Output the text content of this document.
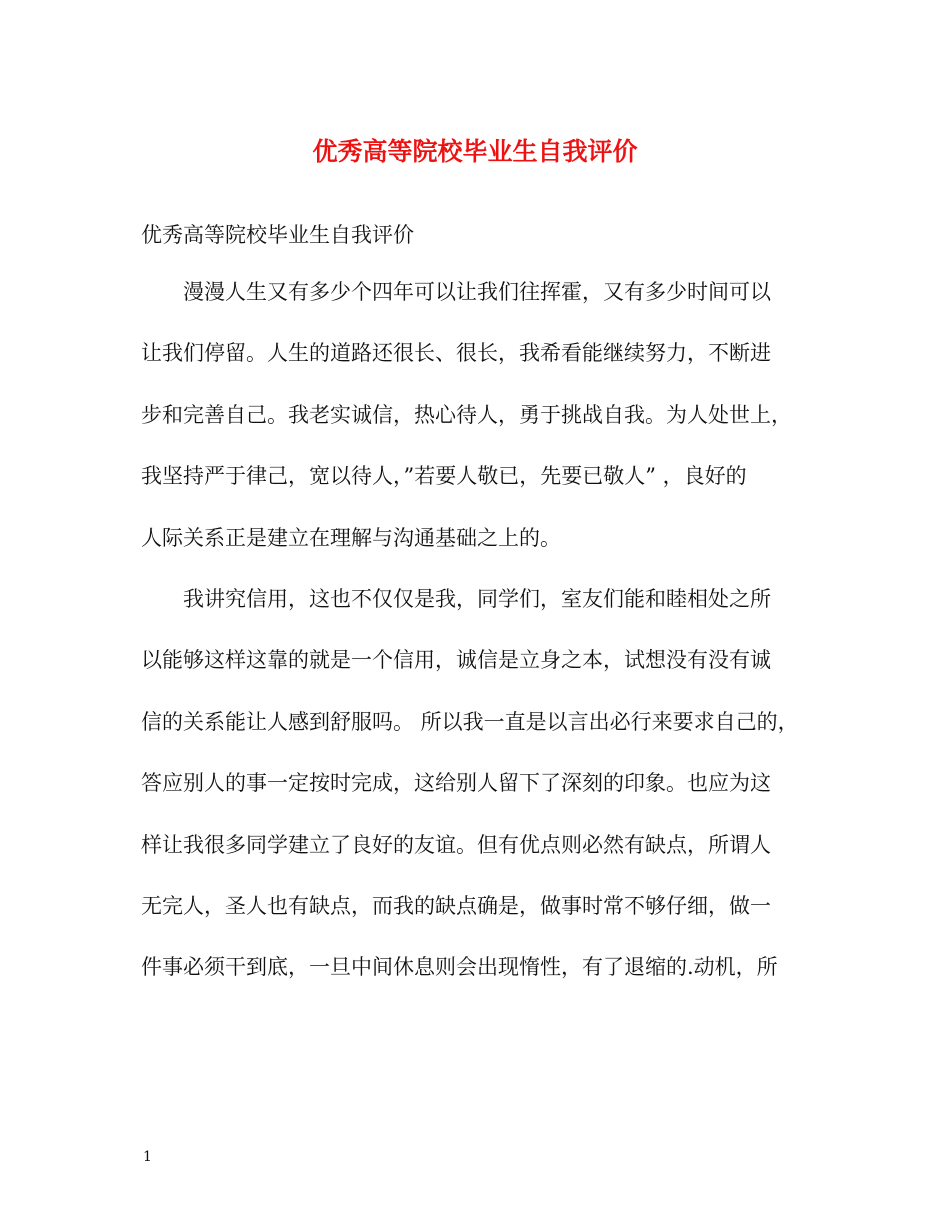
优秀高等院校毕业生自我评价
优秀高等院校毕业生自我评价
漫漫人生又有多少个四年可以让我们往挥霍，又有多少时间可以
让我们停留。人生的道路还很长、很长，我希看能继续努力，不断进
步和完善自己。我老实诚信，热心待人，勇于挑战自我。为人处世上，
我坚持严于律己，宽以待人，”若要人敬已，先要已敬人” ，良好的
人际关系正是建立在理解与沟通基础之上的。
我讲究信用，这也不仅仅是我，同学们，室友们能和睦相处之所
以能够这样这靠的就是一个信用，诚信是立身之本，试想没有没有诚
信的关系能让人感到舒服吗。 所以我一直是以言出必行来要求自己的，
答应别人的事一定按时完成，这给别人留下了深刻的印象。也应为这
样让我很多同学建立了良好的友谊。但有优点则必然有缺点，所谓人
无完人，圣人也有缺点，而我的缺点确是，做事时常不够仔细，做一
件事必须干到底，一旦中间休息则会出现惰性，有了退缩的.动机，所
1
